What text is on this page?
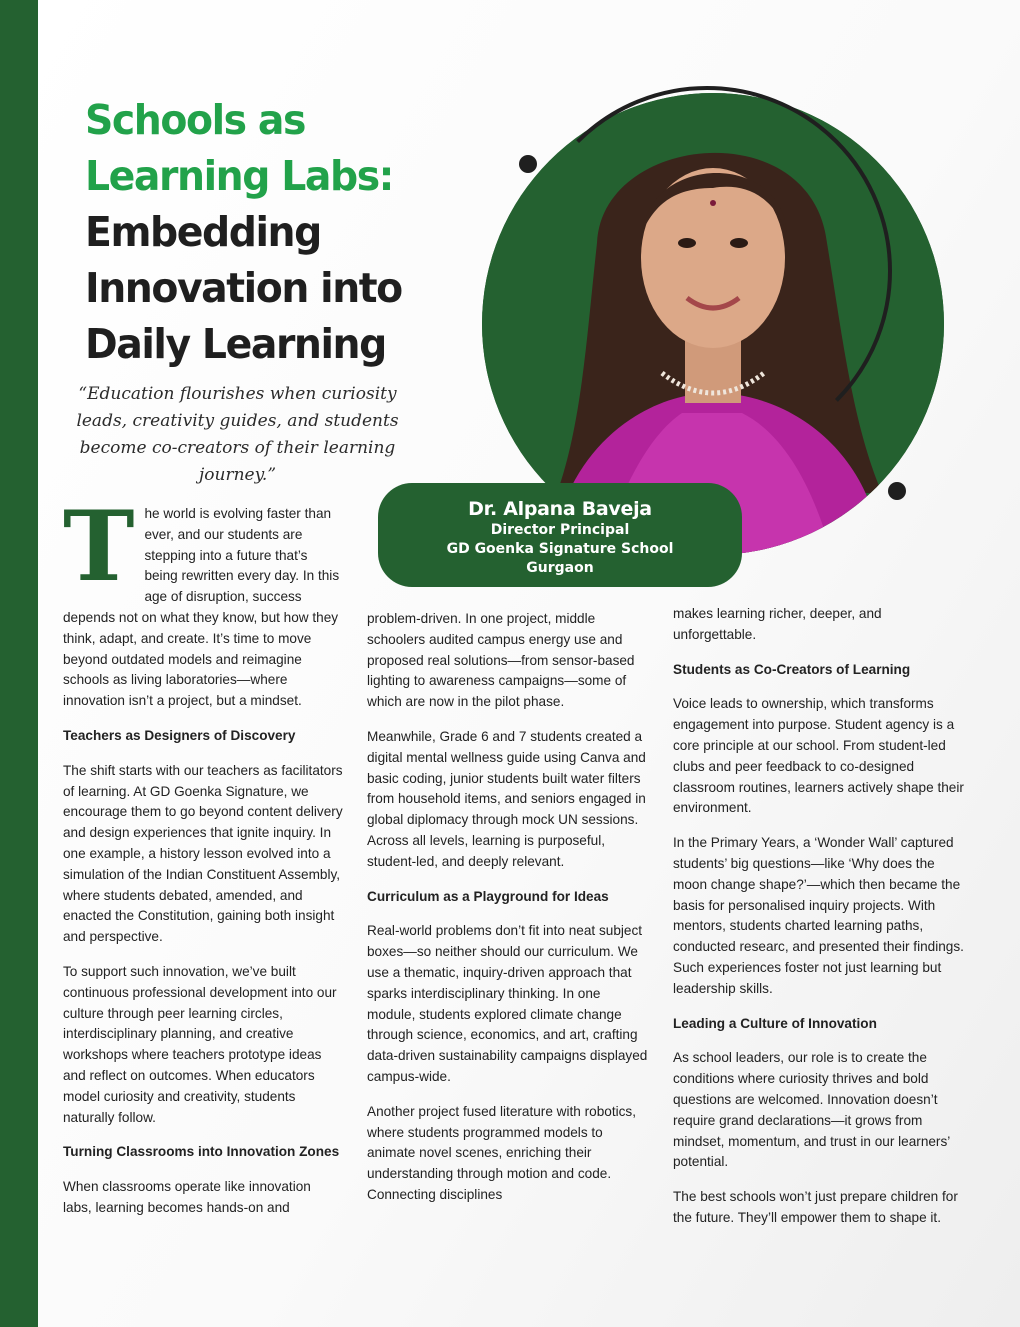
Schools as
Learning Labs:
Embedding
Innovation into
Daily Learning

“Education flourishes when curiosity leads, creativity guides, and students become co-creators of their learning journey.”

Dr. Alpana Baveja
Director Principal
GD Goenka Signature School
Gurgaon

The world is evolving faster than ever, and our students are stepping into a future that’s being rewritten every day. In this age of disruption, success depends not on what they know, but how they think, adapt, and create. It’s time to move beyond outdated models and reimagine schools as living laboratories—where innovation isn’t a project, but a mindset.

Teachers as Designers of Discovery

The shift starts with our teachers as facilitators of learning. At GD Goenka Signature, we encourage them to go beyond content delivery and design experiences that ignite inquiry. In one example, a history lesson evolved into a simulation of the Indian Constituent Assembly, where students debated, amended, and enacted the Constitution, gaining both insight and perspective.

To support such innovation, we’ve built continuous professional development into our culture through peer learning circles, interdisciplinary planning, and creative workshops where teachers prototype ideas and reflect on outcomes. When educators model curiosity and creativity, students naturally follow.

Turning Classrooms into Innovation Zones

When classrooms operate like innovation labs, learning becomes hands-on and

problem-driven. In one project, middle schoolers audited campus energy use and proposed real solutions—from sensor-based lighting to awareness campaigns—some of which are now in the pilot phase.

Meanwhile, Grade 6 and 7 students created a digital mental wellness guide using Canva and basic coding, junior students built water filters from household items, and seniors engaged in global diplomacy through mock UN sessions. Across all levels, learning is purposeful, student-led, and deeply relevant.

Curriculum as a Playground for Ideas

Real-world problems don’t fit into neat subject boxes—so neither should our curriculum. We use a thematic, inquiry-driven approach that sparks interdisciplinary thinking. In one module, students explored climate change through science, economics, and art, crafting data-driven sustainability campaigns displayed campus-wide.

Another project fused literature with robotics, where students programmed models to animate novel scenes, enriching their understanding through motion and code. Connecting disciplines

makes learning richer, deeper, and unforgettable.

Students as Co-Creators of Learning

Voice leads to ownership, which transforms engagement into purpose. Student agency is a core principle at our school. From student-led clubs and peer feedback to co-designed classroom routines, learners actively shape their environment.

In the Primary Years, a ‘Wonder Wall’ captured students’ big questions—like ‘Why does the moon change shape?’—which then became the basis for personalised inquiry projects. With mentors, students charted learning paths, conducted researc, and presented their findings. Such experiences foster not just learning but leadership skills.

Leading a Culture of Innovation

As school leaders, our role is to create the conditions where curiosity thrives and bold questions are welcomed. Innovation doesn’t require grand declarations—it grows from mindset, momentum, and trust in our learners’ potential.

The best schools won’t just prepare children for the future. They’ll empower them to shape it.
